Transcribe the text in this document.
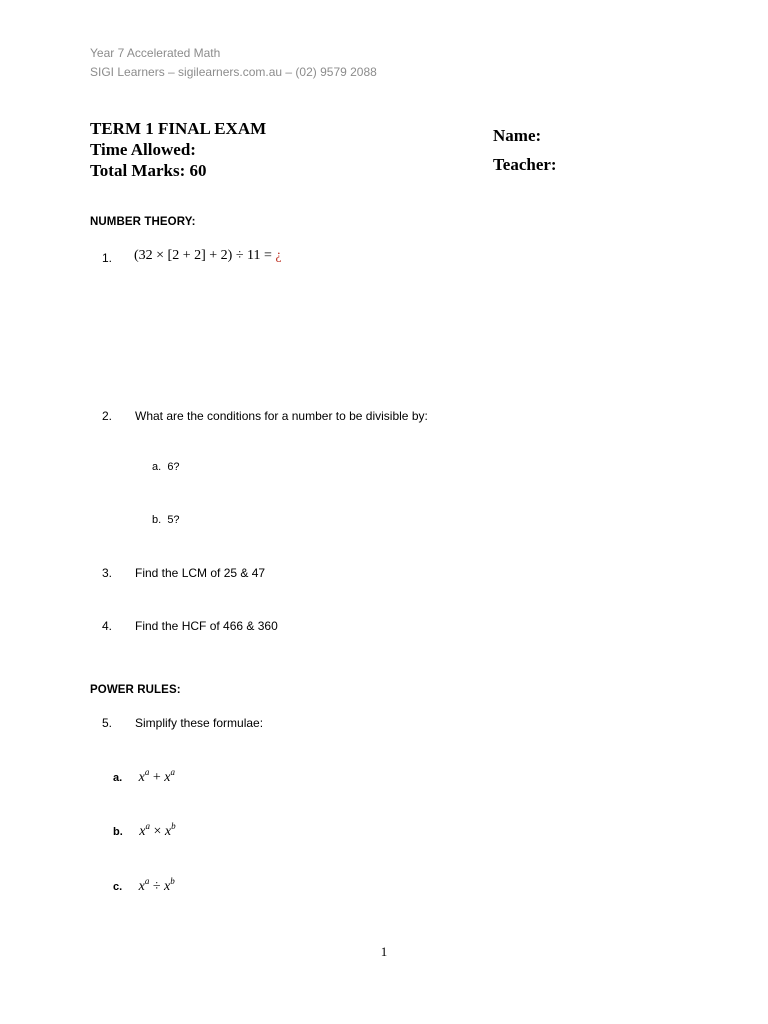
Year 7 Accelerated Math
SIGI Learners – sigilearners.com.au – (02) 9579 2088
TERM 1 FINAL EXAM
Time Allowed:
Total Marks: 60
Name:
Teacher:
NUMBER THEORY:
1. (32 × [2 + 2] + 2) ÷ 11 = ¿
2. What are the conditions for a number to be divisible by:
a. 6?
b. 5?
3. Find the LCM of 25 & 47
4. Find the HCF of 466 & 360
POWER RULES:
5. Simplify these formulae:
a. $x^a + x^a$
b. $x^a \times x^b$
c. $x^a \div x^b$
1
